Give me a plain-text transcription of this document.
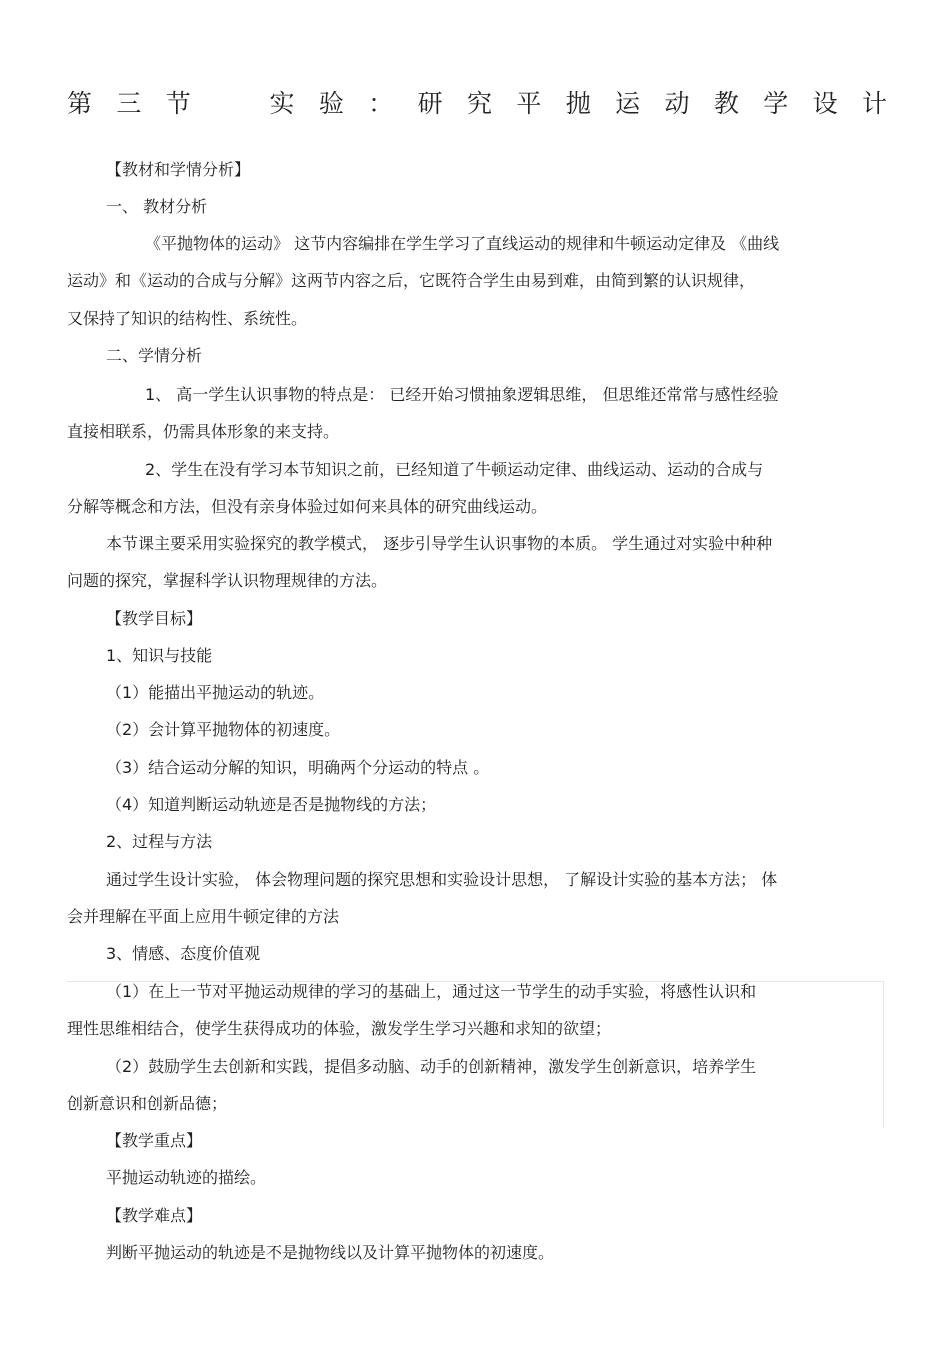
第 三 节	实 验 ： 研 究 平 抛 运 动 教 学 设 计
【教材和学情分析】
一、 教材分析
《平抛物体的运动》 这节内容编排在学生学习了直线运动的规律和牛顿运动定律及 《曲线
运动》和《运动的合成与分解》这两节内容之后，它既符合学生由易到难，由简到繁的认识规律，
又保持了知识的结构性、系统性。
二、学情分析
1、 高一学生认识事物的特点是： 已经开始习惯抽象逻辑思维， 但思维还常常与感性经验
直接相联系，仍需具体形象的来支持。
2、学生在没有学习本节知识之前，已经知道了牛顿运动定律、曲线运动、运动的合成与
分解等概念和方法，但没有亲身体验过如何来具体的研究曲线运动。
本节课主要采用实验探究的教学模式， 逐步引导学生认识事物的本质。 学生通过对实验中种种
问题的探究，掌握科学认识物理规律的方法。
【教学目标】
1、知识与技能
（1）能描出平抛运动的轨迹。
（2）会计算平抛物体的初速度。
（3）结合运动分解的知识，明确两个分运动的特点 。
（4）知道判断运动轨迹是否是抛物线的方法；
2、过程与方法
通过学生设计实验， 体会物理问题的探究思想和实验设计思想， 了解设计实验的基本方法； 体
会并理解在平面上应用牛顿定律的方法
3、情感、态度价值观
（1）在上一节对平抛运动规律的学习的基础上，通过这一节学生的动手实验，将感性认识和
理性思维相结合，使学生获得成功的体验，激发学生学习兴趣和求知的欲望；
（2）鼓励学生去创新和实践，提倡多动脑、动手的创新精神，激发学生创新意识，培养学生
创新意识和创新品德；
【教学重点】
平抛运动轨迹的描绘。
【教学难点】
判断平抛运动的轨迹是不是抛物线以及计算平抛物体的初速度。
